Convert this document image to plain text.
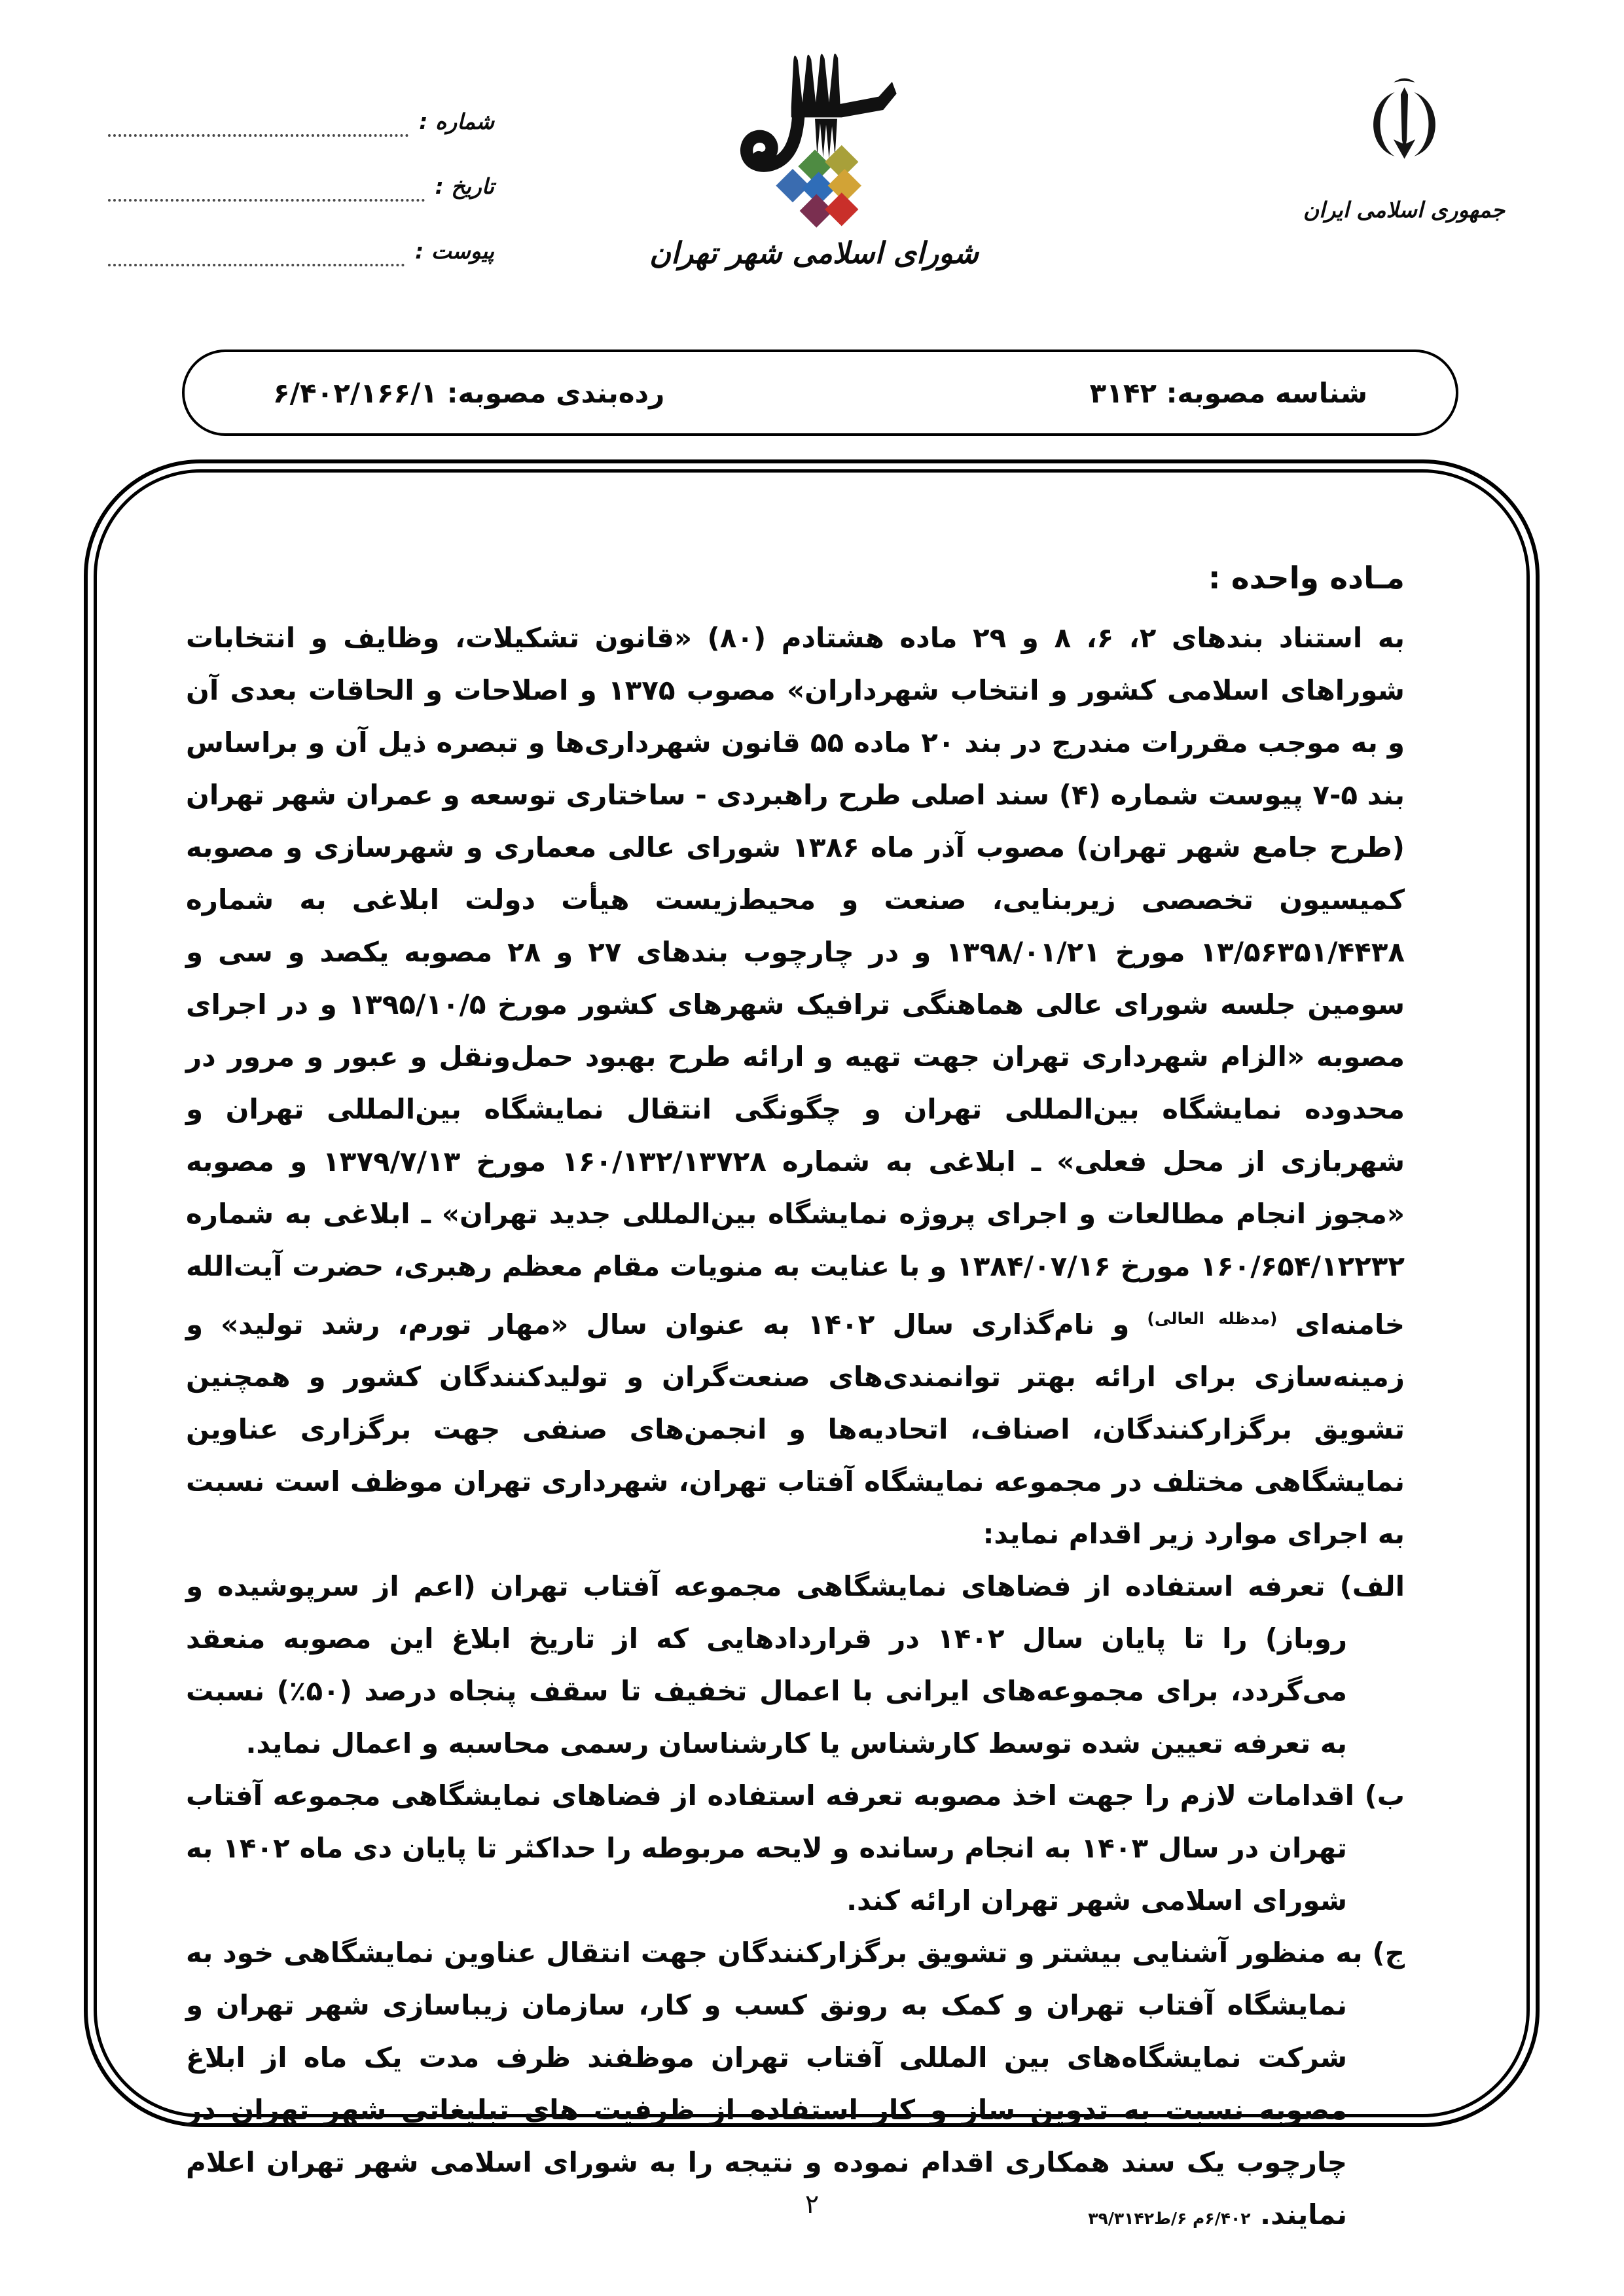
شماره :
تاریخ :
پیوست :	شورای اسلامی شهر تهران
جمهوری اسلامی ایران
شناسه مصوبه: ۳۱۴۲
رده‌بندی مصوبه: ۶/۴۰۲/۱۶۶/۱

مـاده واحده :

به استناد بندهای ۲، ۶، ۸ و ۲۹ ماده هشتادم (۸۰) «قانون تشکیلات، وظایف و انتخابات شوراهای اسلامی کشور و انتخاب شهرداران» مصوب ۱۳۷۵ و اصلاحات و الحاقات بعدی آن و به موجب مقررات مندرج در بند ۲۰ ماده ۵۵ قانون شهرداری‌ها و تبصره ذیل آن و براساس بند ۵-۷ پیوست شماره (۴) سند اصلی طرح راهبردی - ساختاری توسعه و عمران شهر تهران (طرح جامع شهر تهران) مصوب آذر ماه ۱۳۸۶ شورای عالی معماری و شهرسازی و مصوبه کمیسیون تخصصی زیربنایی، صنعت و محیط‌زیست هیأت دولت ابلاغی به شماره ۱۳/۵۶۳۵۱/۴۴۳۸ مورخ ۱۳۹۸/۰۱/۲۱ و در چارچوب بندهای ۲۷ و ۲۸ مصوبه یکصد و سی و سومین جلسه شورای عالی هماهنگی ترافیک شهرهای کشور مورخ ۱۳۹۵/۱۰/۵ و در اجرای مصوبه «الزام شهرداری تهران جهت تهیه و ارائه طرح بهبود حمل‌ونقل و عبور و مرور در محدوده نمایشگاه بین‌المللی تهران و چگونگی انتقال نمایشگاه بین‌المللی تهران و شهربازی از محل فعلی» ـ ابلاغی به شماره ۱۶۰/۱۳۲/۱۳۷۲۸ مورخ ۱۳۷۹/۷/۱۳ و مصوبه «مجوز انجام مطالعات و اجرای پروژه نمایشگاه بین‌المللی جدید تهران» ـ ابلاغی به شماره ۱۶۰/۶۵۴/۱۲۲۳۲ مورخ ۱۳۸۴/۰۷/۱۶ و با عنایت به منویات مقام معظم رهبری، حضرت آیت‌الله خامنه‌ای $^{(مدظله العالی)}$ و نام‌گذاری سال ۱۴۰۲ به عنوان سال «مهار تورم، رشد تولید» و زمینه‌سازی برای ارائه بهتر توانمندی‌های صنعت‌گران و تولیدکنندگان کشور و همچنین تشویق برگزارکنندگان، اصناف، اتحادیه‌ها و انجمن‌های صنفی جهت برگزاری عناوین نمایشگاهی مختلف در مجموعه نمایشگاه آفتاب تهران، شهرداری تهران موظف است نسبت به اجرای موارد زیر اقدام نماید:

الف) تعرفه استفاده از فضاهای نمایشگاهی مجموعه آفتاب تهران (اعم از سرپوشیده و روباز) را تا پایان سال ۱۴۰۲ در قراردادهایی که از تاریخ ابلاغ این مصوبه منعقد می‌گردد، برای مجموعه‌های ایرانی با اعمال تخفیف تا سقف پنجاه درصد (۵۰٪) نسبت به تعرفه تعیین شده توسط کارشناس یا کارشناسان رسمی محاسبه و اعمال نماید.

ب) اقدامات لازم را جهت اخذ مصوبه تعرفه استفاده از فضاهای نمایشگاهی مجموعه آفتاب تهران در سال ۱۴۰۳ به انجام رسانده و لایحه مربوطه را حداکثر تا پایان دی ماه ۱۴۰۲ به شورای اسلامی شهر تهران ارائه کند.

ج) به منظور آشنایی بیشتر و تشویق برگزارکنندگان جهت انتقال عناوین نمایشگاهی خود به نمایشگاه آفتاب تهران و کمک به رونق کسب و کار، سازمان زیباسازی شهر تهران و شرکت نمایشگاه‌های بین المللی آفتاب تهران موظفند ظرف مدت یک ماه از ابلاغ مصوبه نسبت به تدوین ساز و کار استفاده از ظرفیت های تبلیغاتی شهر تهران در چارچوب یک سند همکاری اقدام نموده و نتیجه را به شورای اسلامی شهر تهران اعلام نمایند. ۶/۴۰۲م ۶/ط۳۹/۳۱۴۲

۲
